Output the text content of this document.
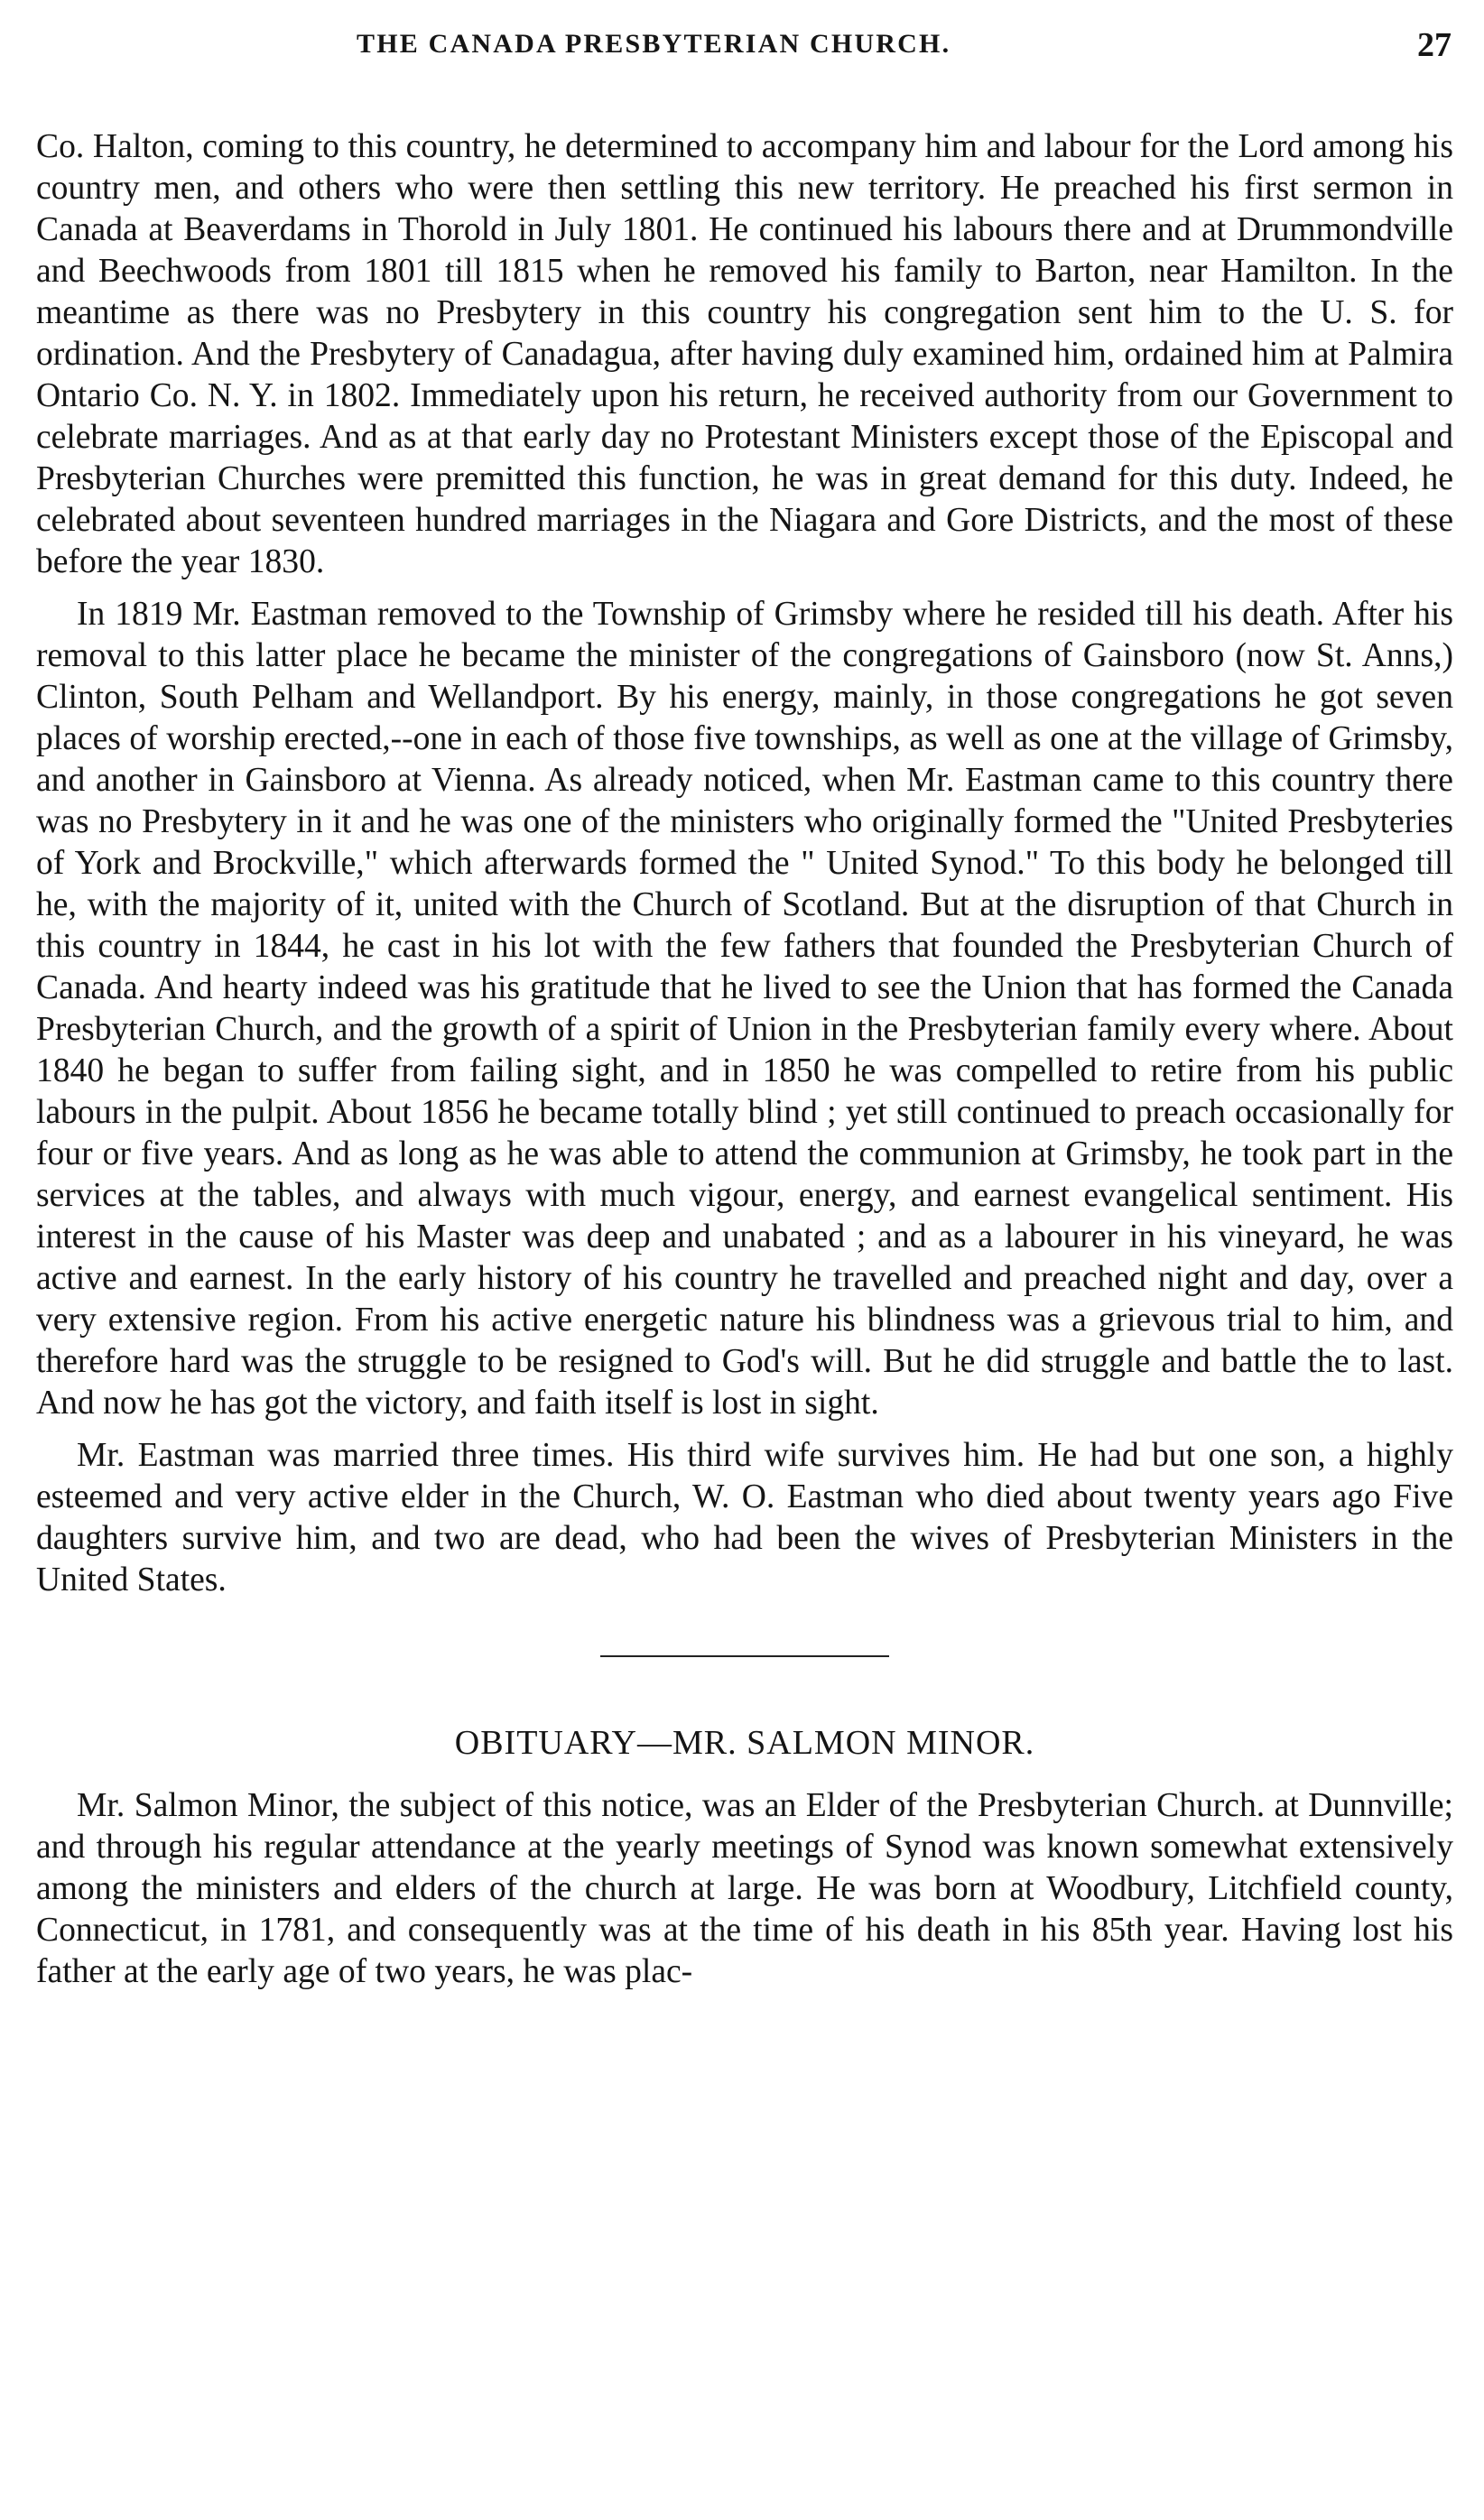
THE CANADA PRESBYTERIAN CHURCH.	27

Co. Halton, coming to this country, he determined to accompany him and labour for the Lord among his country men, and others who were then settling this new territory. He preached his first sermon in Canada at Beaverdams in Thorold in July 1801. He continued his labours there and at Drummondville and Beechwoods from 1801 till 1815 when he removed his family to Barton, near Hamilton. In the meantime as there was no Presbytery in this country his congregation sent him to the U. S. for ordination. And the Presbytery of Canadagua, after having duly examined him, ordained him at Palmira Ontario Co. N. Y. in 1802. Immediately upon his return, he received authority from our Government to celebrate marriages. And as at that early day no Protestant Ministers except those of the Episcopal and Presbyterian Churches were premitted this function, he was in great demand for this duty. Indeed, he celebrated about seventeen hundred marriages in the Niagara and Gore Districts, and the most of these before the year 1830.

In 1819 Mr. Eastman removed to the Township of Grimsby where he resided till his death. After his removal to this latter place he became the minister of the congregations of Gainsboro (now St. Anns,) Clinton, South Pelham and Wellandport. By his energy, mainly, in those congregations he got seven places of worship erected,--one in each of those five townships, as well as one at the village of Grimsby, and another in Gainsboro at Vienna. As already noticed, when Mr. Eastman came to this country there was no Presbytery in it and he was one of the ministers who originally formed the "United Presbyteries of York and Brockville," which afterwards formed the " United Synod." To this body he belonged till he, with the majority of it, united with the Church of Scotland. But at the disruption of that Church in this country in 1844, he cast in his lot with the few fathers that founded the Presbyterian Church of Canada. And hearty indeed was his gratitude that he lived to see the Union that has formed the Canada Presbyterian Church, and the growth of a spirit of Union in the Presbyterian family every where. About 1840 he began to suffer from failing sight, and in 1850 he was compelled to retire from his public labours in the pulpit. About 1856 he became totally blind ; yet still continued to preach occasionally for four or five years. And as long as he was able to attend the communion at Grimsby, he took part in the services at the tables, and always with much vigour, energy, and earnest evangelical sentiment. His interest in the cause of his Master was deep and unabated ; and as a labourer in his vineyard, he was active and earnest. In the early history of his country he travelled and preached night and day, over a very extensive region. From his active energetic nature his blindness was a grievous trial to him, and therefore hard was the struggle to be resigned to God's will. But he did struggle and battle the to last. And now he has got the victory, and faith itself is lost in sight.

Mr. Eastman was married three times. His third wife survives him. He had but one son, a highly esteemed and very active elder in the Church, W. O. Eastman who died about twenty years ago Five daughters survive him, and two are dead, who had been the wives of Presbyterian Ministers in the United States.

OBITUARY—MR. SALMON MINOR.

Mr. Salmon Minor, the subject of this notice, was an Elder of the Presbyterian Church. at Dunnville; and through his regular attendance at the yearly meetings of Synod was known somewhat extensively among the ministers and elders of the church at large. He was born at Woodbury, Litchfield county, Connecticut, in 1781, and consequently was at the time of his death in his 85th year. Having lost his father at the early age of two years, he was plac-
